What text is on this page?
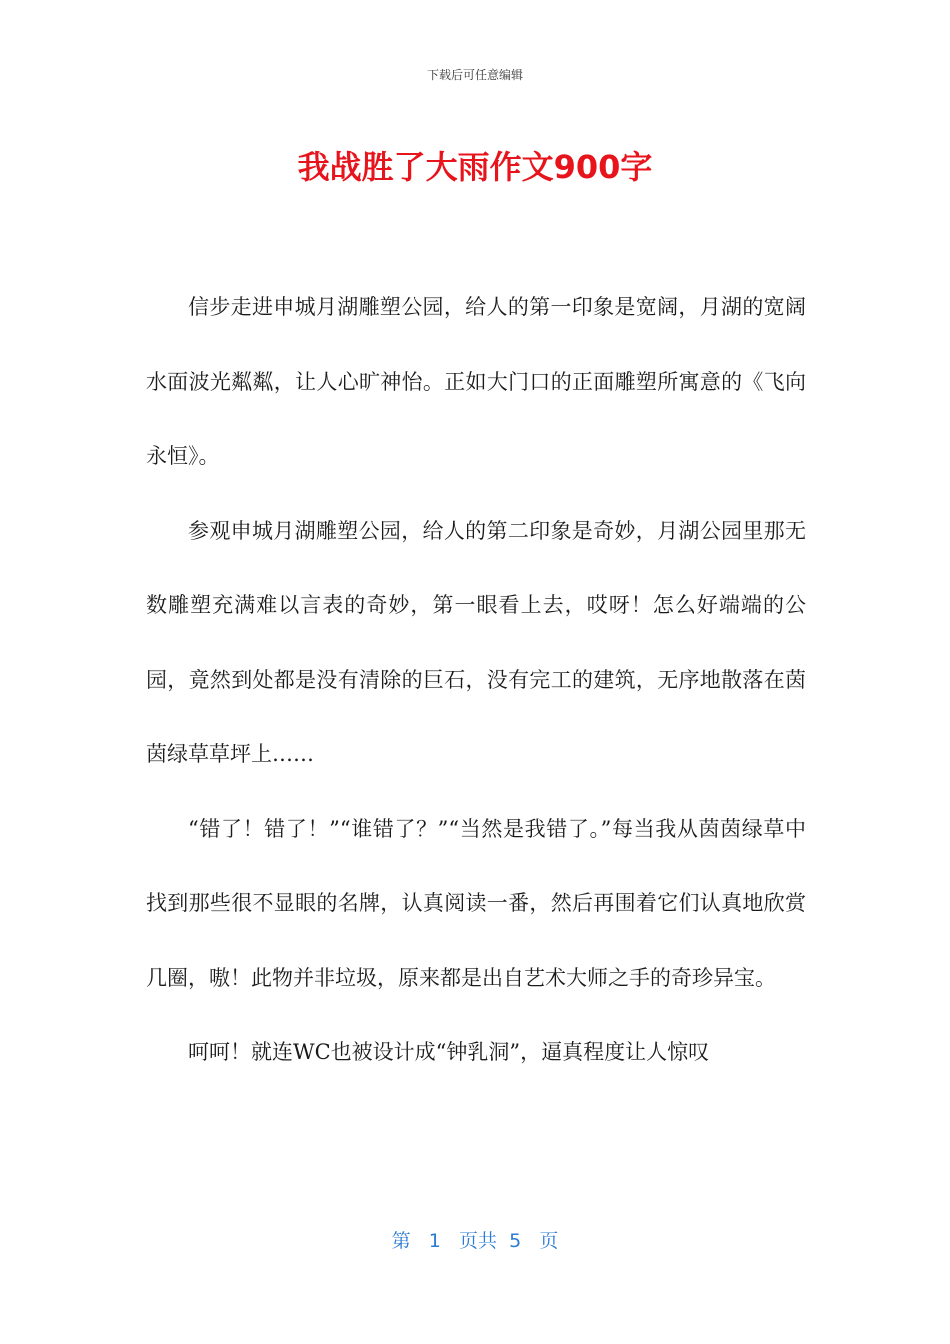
下载后可任意编辑
我战胜了大雨作文900字

信步走进申城月湖雕塑公园，给人的第一印象是宽阔，月湖的宽阔水面波光粼粼，让人心旷神怡。正如大门口的正面雕塑所寓意的《飞向永恒》。

参观申城月湖雕塑公园，给人的第二印象是奇妙，月湖公园里那无数雕塑充满难以言表的奇妙，第一眼看上去，哎呀！怎么好端端的公园，竟然到处都是没有清除的巨石，没有完工的建筑，无序地散落在茵茵绿草草坪上……

“错了！错了！”“谁错了？”“当然是我错了。”每当我从茵茵绿草中找到那些很不显眼的名牌，认真阅读一番，然后再围着它们认真地欣赏几圈，嗷！此物并非垃圾，原来都是出自艺术大师之手的奇珍异宝。

呵呵！就连WC也被设计成“钟乳洞”，逼真程度让人惊叹

第 1 页共 5 页
